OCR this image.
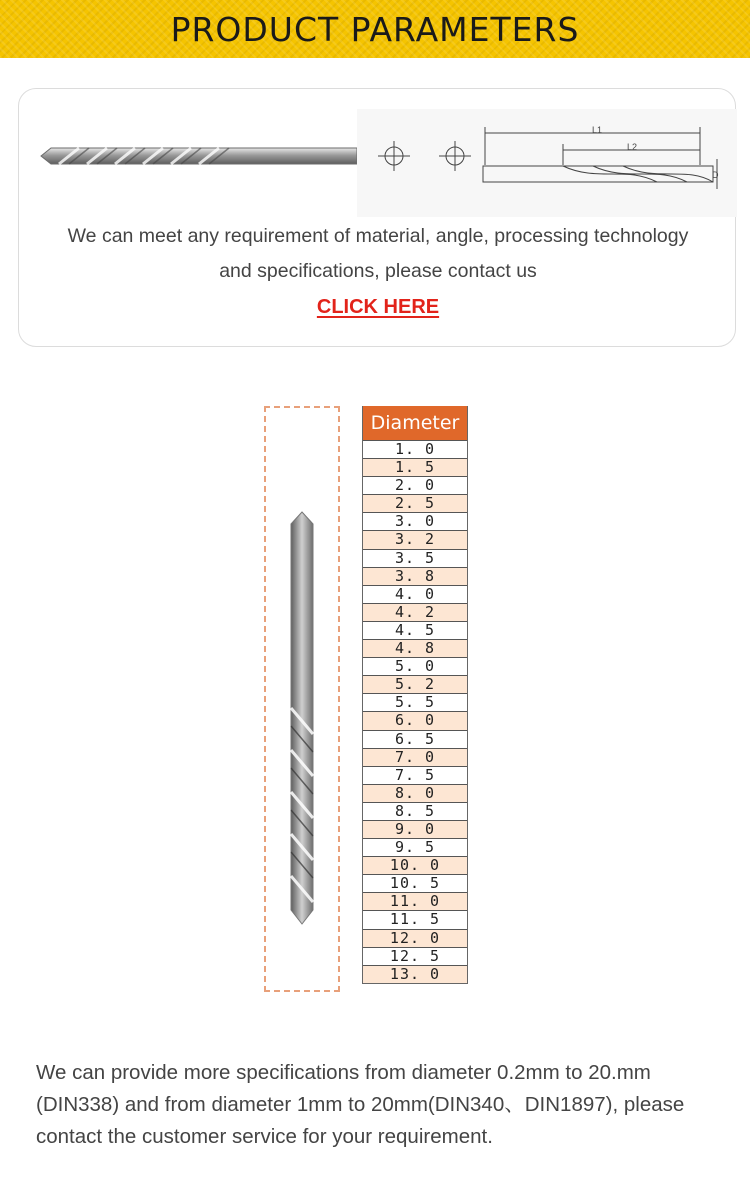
PRODUCT PARAMETERS
L1
L2
D
We can meet any requirement of material, angle, processing technology
and specifications, please contact us
CLICK HERE
Diameter
1. 0
1. 5
2. 0
2. 5
3. 0
3. 2
3. 5
3. 8
4. 0
4. 2
4. 5
4. 8
5. 0
5. 2
5. 5
6. 0
6. 5
7. 0
7. 5
8. 0
8. 5
9. 0
9. 5
10. 0
10. 5
11. 0
11. 5
12. 0
12. 5
13. 0
We can provide more specifications from diameter 0.2mm to 20.mm (DIN338) and from diameter 1mm to 20mm(DIN340、DIN1897), please contact the customer service for your requirement.
